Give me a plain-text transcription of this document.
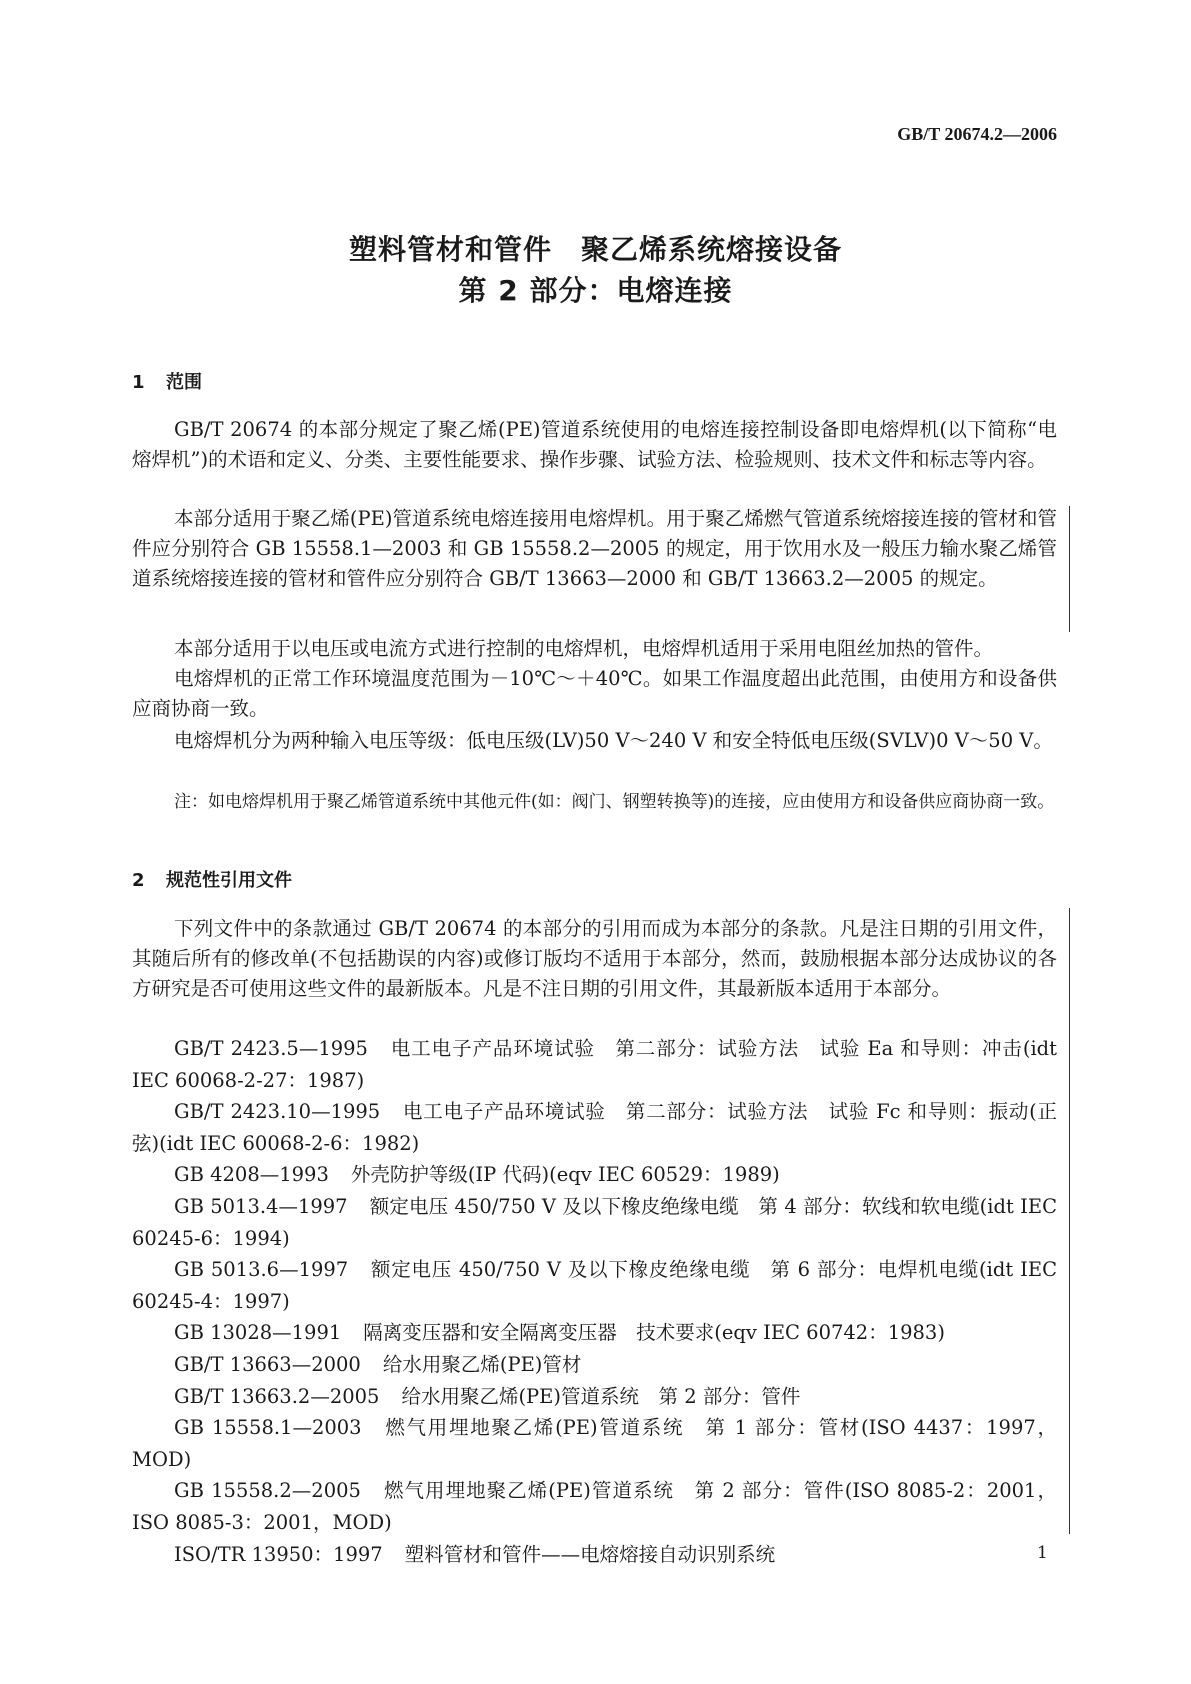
GB/T 20674.2—2006
塑料管材和管件　聚乙烯系统熔接设备
第 2 部分：电熔连接
1 范围
GB/T 20674 的本部分规定了聚乙烯(PE)管道系统使用的电熔连接控制设备即电熔焊机(以下简称“电熔焊机”)的术语和定义、分类、主要性能要求、操作步骤、试验方法、检验规则、技术文件和标志等内容。
本部分适用于聚乙烯(PE)管道系统电熔连接用电熔焊机。用于聚乙烯燃气管道系统熔接连接的管材和管件应分别符合 GB 15558.1—2003 和 GB 15558.2—2005 的规定，用于饮用水及一般压力输水聚乙烯管道系统熔接连接的管材和管件应分别符合 GB/T 13663—2000 和 GB/T 13663.2—2005 的规定。
本部分适用于以电压或电流方式进行控制的电熔焊机，电熔焊机适用于采用电阻丝加热的管件。
电熔焊机的正常工作环境温度范围为－10℃～＋40℃。如果工作温度超出此范围，由使用方和设备供应商协商一致。
电熔焊机分为两种输入电压等级：低电压级(LV)50 V～240 V 和安全特低电压级(SVLV)0 V～50 V。
注：如电熔焊机用于聚乙烯管道系统中其他元件(如：阀门、钢塑转换等)的连接，应由使用方和设备供应商协商一致。
2 规范性引用文件
下列文件中的条款通过 GB/T 20674 的本部分的引用而成为本部分的条款。凡是注日期的引用文件，其随后所有的修改单(不包括勘误的内容)或修订版均不适用于本部分，然而，鼓励根据本部分达成协议的各方研究是否可使用这些文件的最新版本。凡是不注日期的引用文件，其最新版本适用于本部分。
GB/T 2423.5—1995 电工电子产品环境试验　第二部分：试验方法　试验 Ea 和导则：冲击(idt IEC 60068-2-27：1987)
GB/T 2423.10—1995 电工电子产品环境试验　第二部分：试验方法　试验 Fc 和导则：振动(正弦)(idt IEC 60068-2-6：1982)
GB 4208—1993 外壳防护等级(IP 代码)(eqv IEC 60529：1989)
GB 5013.4—1997 额定电压 450/750 V 及以下橡皮绝缘电缆　第 4 部分：软线和软电缆(idt IEC 60245-6：1994)
GB 5013.6—1997 额定电压 450/750 V 及以下橡皮绝缘电缆　第 6 部分：电焊机电缆(idt IEC 60245-4：1997)
GB 13028—1991 隔离变压器和安全隔离变压器　技术要求(eqv IEC 60742：1983)
GB/T 13663—2000 给水用聚乙烯(PE)管材
GB/T 13663.2—2005 给水用聚乙烯(PE)管道系统　第 2 部分：管件
GB 15558.1—2003 燃气用埋地聚乙烯(PE)管道系统　第 1 部分：管材(ISO 4437：1997，MOD)
GB 15558.2—2005 燃气用埋地聚乙烯(PE)管道系统　第 2 部分：管件(ISO 8085-2：2001，ISO 8085-3：2001，MOD)
ISO/TR 13950：1997 塑料管材和管件——电熔熔接自动识别系统	1
